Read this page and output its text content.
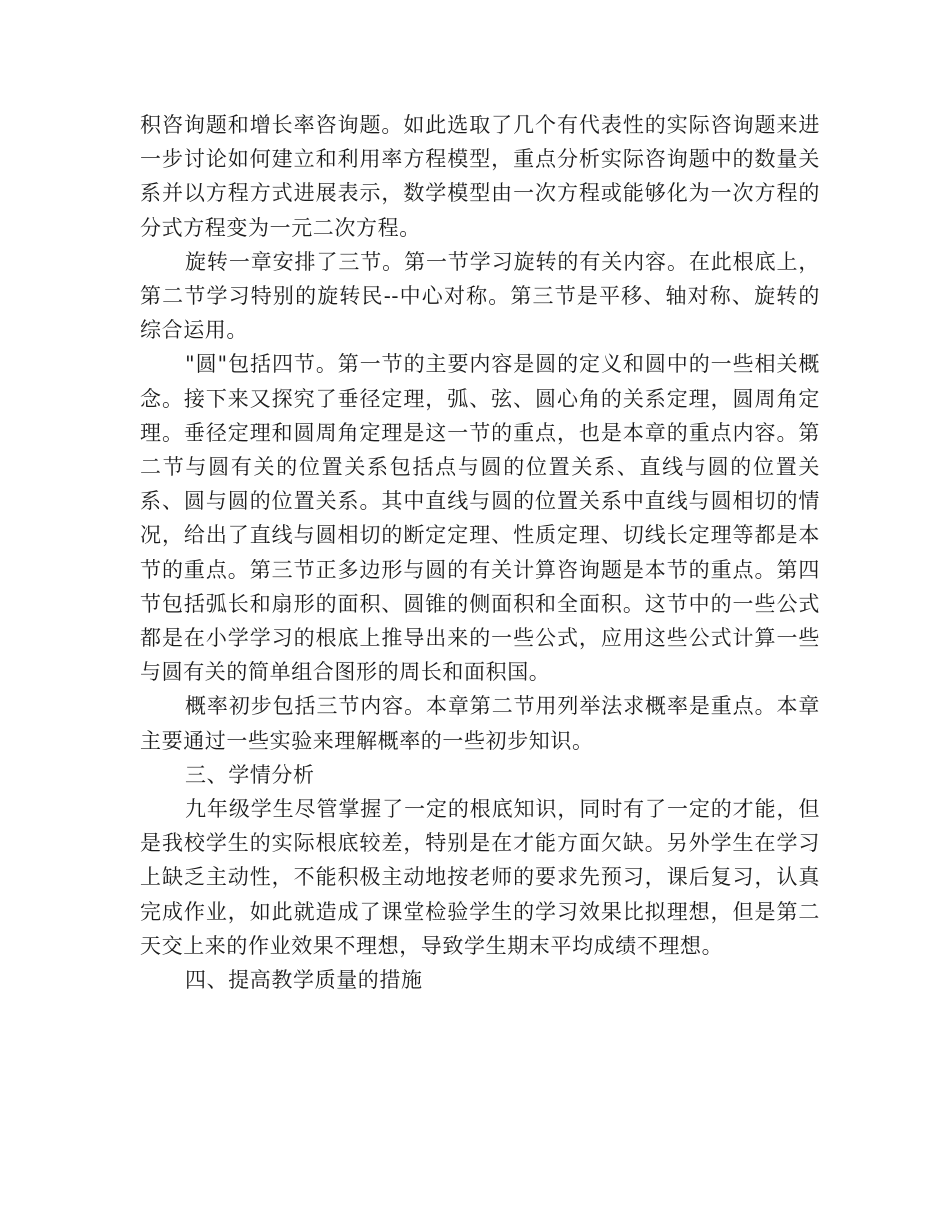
积咨询题和增长率咨询题。如此选取了几个有代表性的实际咨询题来进一步讨论如何建立和利用率方程模型，重点分析实际咨询题中的数量关系并以方程方式进展表示，数学模型由一次方程或能够化为一次方程的分式方程变为一元二次方程。

旋转一章安排了三节。第一节学习旋转的有关内容。在此根底上，第二节学习特别的旋转民--中心对称。第三节是平移、轴对称、旋转的综合运用。

"圆"包括四节。第一节的主要内容是圆的定义和圆中的一些相关概念。接下来又探究了垂径定理，弧、弦、圆心角的关系定理，圆周角定理。垂径定理和圆周角定理是这一节的重点，也是本章的重点内容。第二节与圆有关的位置关系包括点与圆的位置关系、直线与圆的位置关系、圆与圆的位置关系。其中直线与圆的位置关系中直线与圆相切的情况，给出了直线与圆相切的断定定理、性质定理、切线长定理等都是本节的重点。第三节正多边形与圆的有关计算咨询题是本节的重点。第四节包括弧长和扇形的面积、圆锥的侧面积和全面积。这节中的一些公式都是在小学学习的根底上推导出来的一些公式，应用这些公式计算一些与圆有关的简单组合图形的周长和面积国。

概率初步包括三节内容。本章第二节用列举法求概率是重点。本章主要通过一些实验来理解概率的一些初步知识。

三、学情分析

九年级学生尽管掌握了一定的根底知识，同时有了一定的才能，但是我校学生的实际根底较差，特别是在才能方面欠缺。另外学生在学习上缺乏主动性，不能积极主动地按老师的要求先预习，课后复习，认真完成作业，如此就造成了课堂检验学生的学习效果比拟理想，但是第二天交上来的作业效果不理想，导致学生期末平均成绩不理想。

四、提高教学质量的措施
